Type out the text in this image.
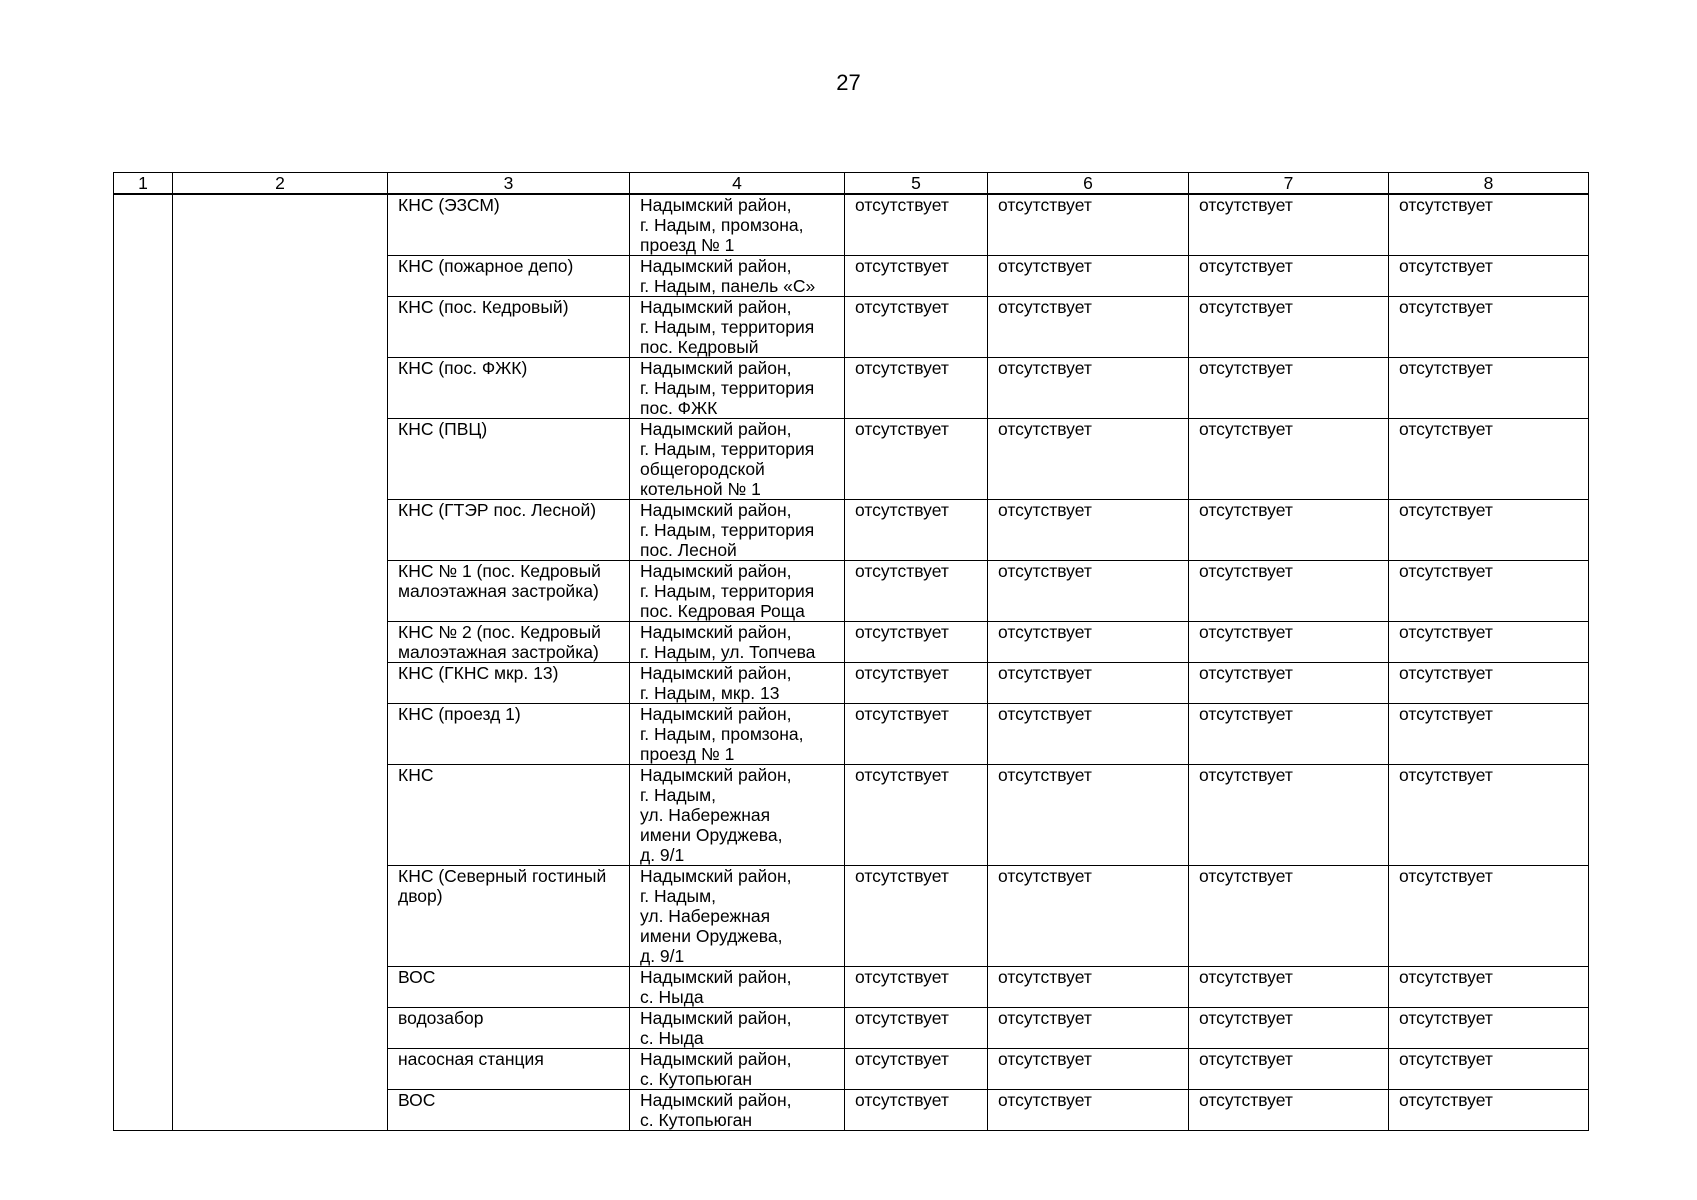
27
1	2	3	4	5	6	7	8

		КНС (ЭЗСМ)	Надымский район,
г. Надым, промзона,
проезд № 1	отсутствует	отсутствует	отсутствует	отсутствует

		КНС (пожарное депо)	Надымский район,
г. Надым, панель «С»	отсутствует	отсутствует	отсутствует	отсутствует

		КНС (пос. Кедровый)	Надымский район,
г. Надым, территория
пос. Кедровый	отсутствует	отсутствует	отсутствует	отсутствует

		КНС (пос. ФЖК)	Надымский район,
г. Надым, территория
пос. ФЖК	отсутствует	отсутствует	отсутствует	отсутствует

		КНС (ПВЦ)	Надымский район,
г. Надым, территория
общегородской
котельной № 1	отсутствует	отсутствует	отсутствует	отсутствует

		КНС (ГТЭР пос. Лесной)	Надымский район,
г. Надым, территория
пос. Лесной	отсутствует	отсутствует	отсутствует	отсутствует

		КНС № 1 (пос. Кедровый
малоэтажная застройка)	Надымский район,
г. Надым, территория
пос. Кедровая Роща	отсутствует	отсутствует	отсутствует	отсутствует

		КНС № 2 (пос. Кедровый
малоэтажная застройка)	Надымский район,
г. Надым, ул. Топчева	отсутствует	отсутствует	отсутствует	отсутствует

		КНС (ГКНС мкр. 13)	Надымский район,
г. Надым, мкр. 13	отсутствует	отсутствует	отсутствует	отсутствует

		КНС (проезд 1)	Надымский район,
г. Надым, промзона,
проезд № 1	отсутствует	отсутствует	отсутствует	отсутствует

		КНС	Надымский район,
г. Надым,
ул. Набережная
имени Оруджева,
д. 9/1	отсутствует	отсутствует	отсутствует	отсутствует

		КНС (Северный гостиный
двор)	Надымский район,
г. Надым,
ул. Набережная
имени Оруджева,
д. 9/1	отсутствует	отсутствует	отсутствует	отсутствует

		ВОС	Надымский район,
с. Ныда	отсутствует	отсутствует	отсутствует	отсутствует

		водозабор	Надымский район,
с. Ныда	отсутствует	отсутствует	отсутствует	отсутствует

		насосная станция	Надымский район,
с. Кутопьюган	отсутствует	отсутствует	отсутствует	отсутствует

		ВОС	Надымский район,
с. Кутопьюган	отсутствует	отсутствует	отсутствует	отсутствует
